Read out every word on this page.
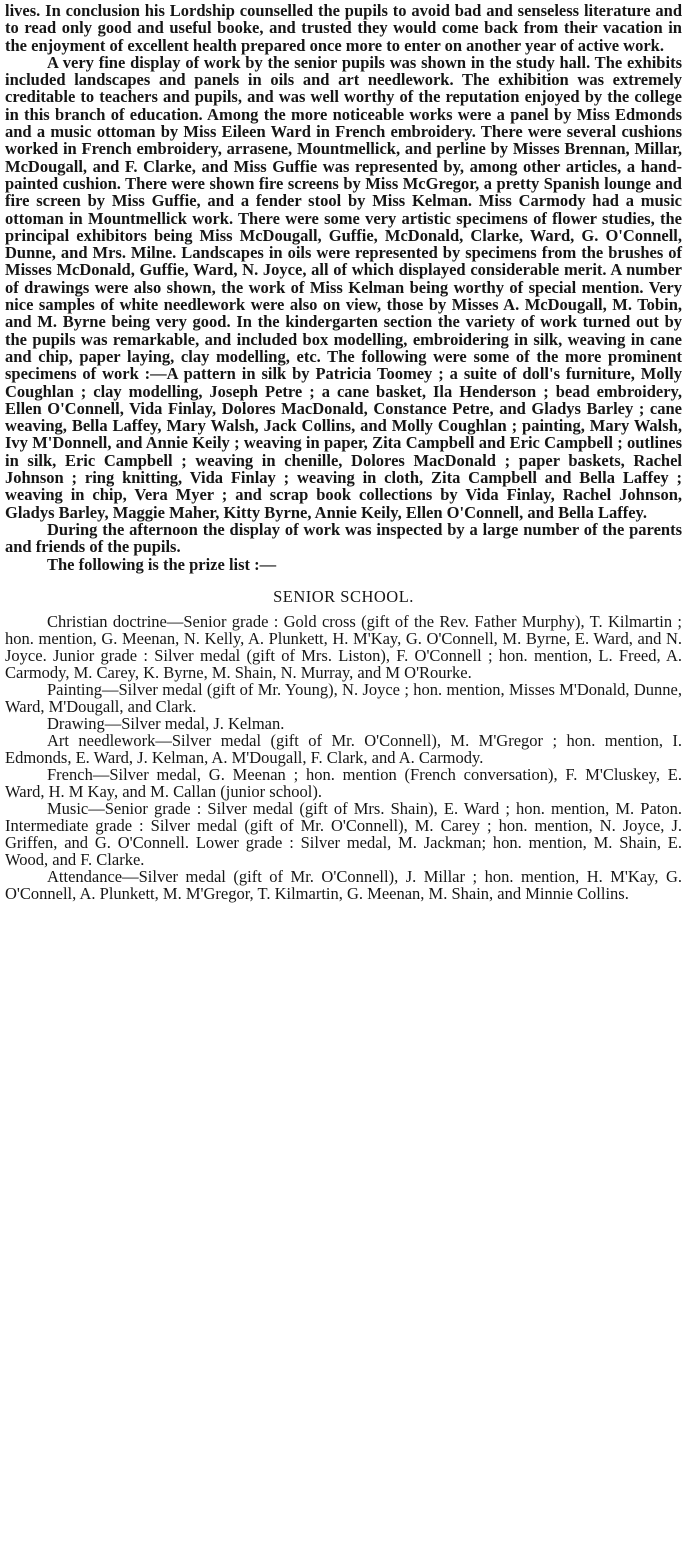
lives. In conclusion his Lordship counselled the pupils to avoid bad and senseless literature and to read only good and useful booke, and trusted they would come back from their vacation in the enjoyment of excellent health prepared once more to enter on another year of active work.

A very fine display of work by the senior pupils was shown in the study hall. The exhibits included landscapes and panels in oils and art needlework. The exhibition was extremely creditable to teachers and pupils, and was well worthy of the reputation enjoyed by the college in this branch of education. Among the more noticeable works were a panel by Miss Edmonds and a music ottoman by Miss Eileen Ward in French embroidery. There were several cushions worked in French embroidery, arrasene, Mountmellick, and perline by Misses Brennan, Millar, McDougall, and F. Clarke, and Miss Guffie was represented by, among other articles, a hand-painted cushion. There were shown fire screens by Miss McGregor, a pretty Spanish lounge and fire screen by Miss Guffie, and a fender stool by Miss Kelman. Miss Carmody had a music ottoman in Mountmellick work. There were some very artistic specimens of flower studies, the principal exhibitors being Miss McDougall, Guffie, McDonald, Clarke, Ward, G. O'Connell, Dunne, and Mrs. Milne. Landscapes in oils were represented by specimens from the brushes of Misses McDonald, Guffie, Ward, N. Joyce, all of which displayed considerable merit. A number of drawings were also shown, the work of Miss Kelman being worthy of special mention. Very nice samples of white needlework were also on view, those by Misses A. McDougall, M. Tobin, and M. Byrne being very good. In the kindergarten section the variety of work turned out by the pupils was remarkable, and included box modelling, embroidering in silk, weaving in cane and chip, paper laying, clay modelling, etc. The following were some of the more prominent specimens of work :—A pattern in silk by Patricia Toomey ; a suite of doll's furniture, Molly Coughlan ; clay modelling, Joseph Petre ; a cane basket, Ila Henderson ; bead embroidery, Ellen O'Connell, Vida Finlay, Dolores MacDonald, Constance Petre, and Gladys Barley ; cane weaving, Bella Laffey, Mary Walsh, Jack Collins, and Molly Coughlan ; painting, Mary Walsh, Ivy M'Donnell, and Annie Keily ; weaving in paper, Zita Campbell and Eric Campbell ; outlines in silk, Eric Campbell ; weaving in chenille, Dolores MacDonald ; paper baskets, Rachel Johnson ; ring knitting, Vida Finlay ; weaving in cloth, Zita Campbell and Bella Laffey ; weaving in chip, Vera Myer ; and scrap book collections by Vida Finlay, Rachel Johnson, Gladys Barley, Maggie Maher, Kitty Byrne, Annie Keily, Ellen O'Connell, and Bella Laffey.

During the afternoon the display of work was inspected by a large number of the parents and friends of the pupils.

The following is the prize list :—

SENIOR SCHOOL.

Christian doctrine—Senior grade : Gold cross (gift of the Rev. Father Murphy), T. Kilmartin ; hon. mention, G. Meenan, N. Kelly, A. Plunkett, H. M'Kay, G. O'Connell, M. Byrne, E. Ward, and N. Joyce. Junior grade : Silver medal (gift of Mrs. Liston), F. O'Connell ; hon. mention, L. Freed, A. Carmody, M. Carey, K. Byrne, M. Shain, N. Murray, and M O'Rourke.

Painting—Silver medal (gift of Mr. Young), N. Joyce ; hon. mention, Misses M'Donald, Dunne, Ward, M'Dougall, and Clark.

Drawing—Silver medal, J. Kelman.

Art needlework—Silver medal (gift of Mr. O'Connell), M. M'Gregor ; hon. mention, I. Edmonds, E. Ward, J. Kelman, A. M'Dougall, F. Clark, and A. Carmody.

French—Silver medal, G. Meenan ; hon. mention (French conversation), F. M'Cluskey, E. Ward, H. M Kay, and M. Callan (junior school).

Music—Senior grade : Silver medal (gift of Mrs. Shain), E. Ward ; hon. mention, M. Paton. Intermediate grade : Silver medal (gift of Mr. O'Connell), M. Carey ; hon. mention, N. Joyce, J. Griffen, and G. O'Connell. Lower grade : Silver medal, M. Jackman; hon. mention, M. Shain, E. Wood, and F. Clarke.

Attendance—Silver medal (gift of Mr. O'Connell), J. Millar ; hon. mention, H. M'Kay, G. O'Connell, A. Plunkett, M. M'Gregor, T. Kilmartin, G. Meenan, M. Shain, and Minnie Collins.
